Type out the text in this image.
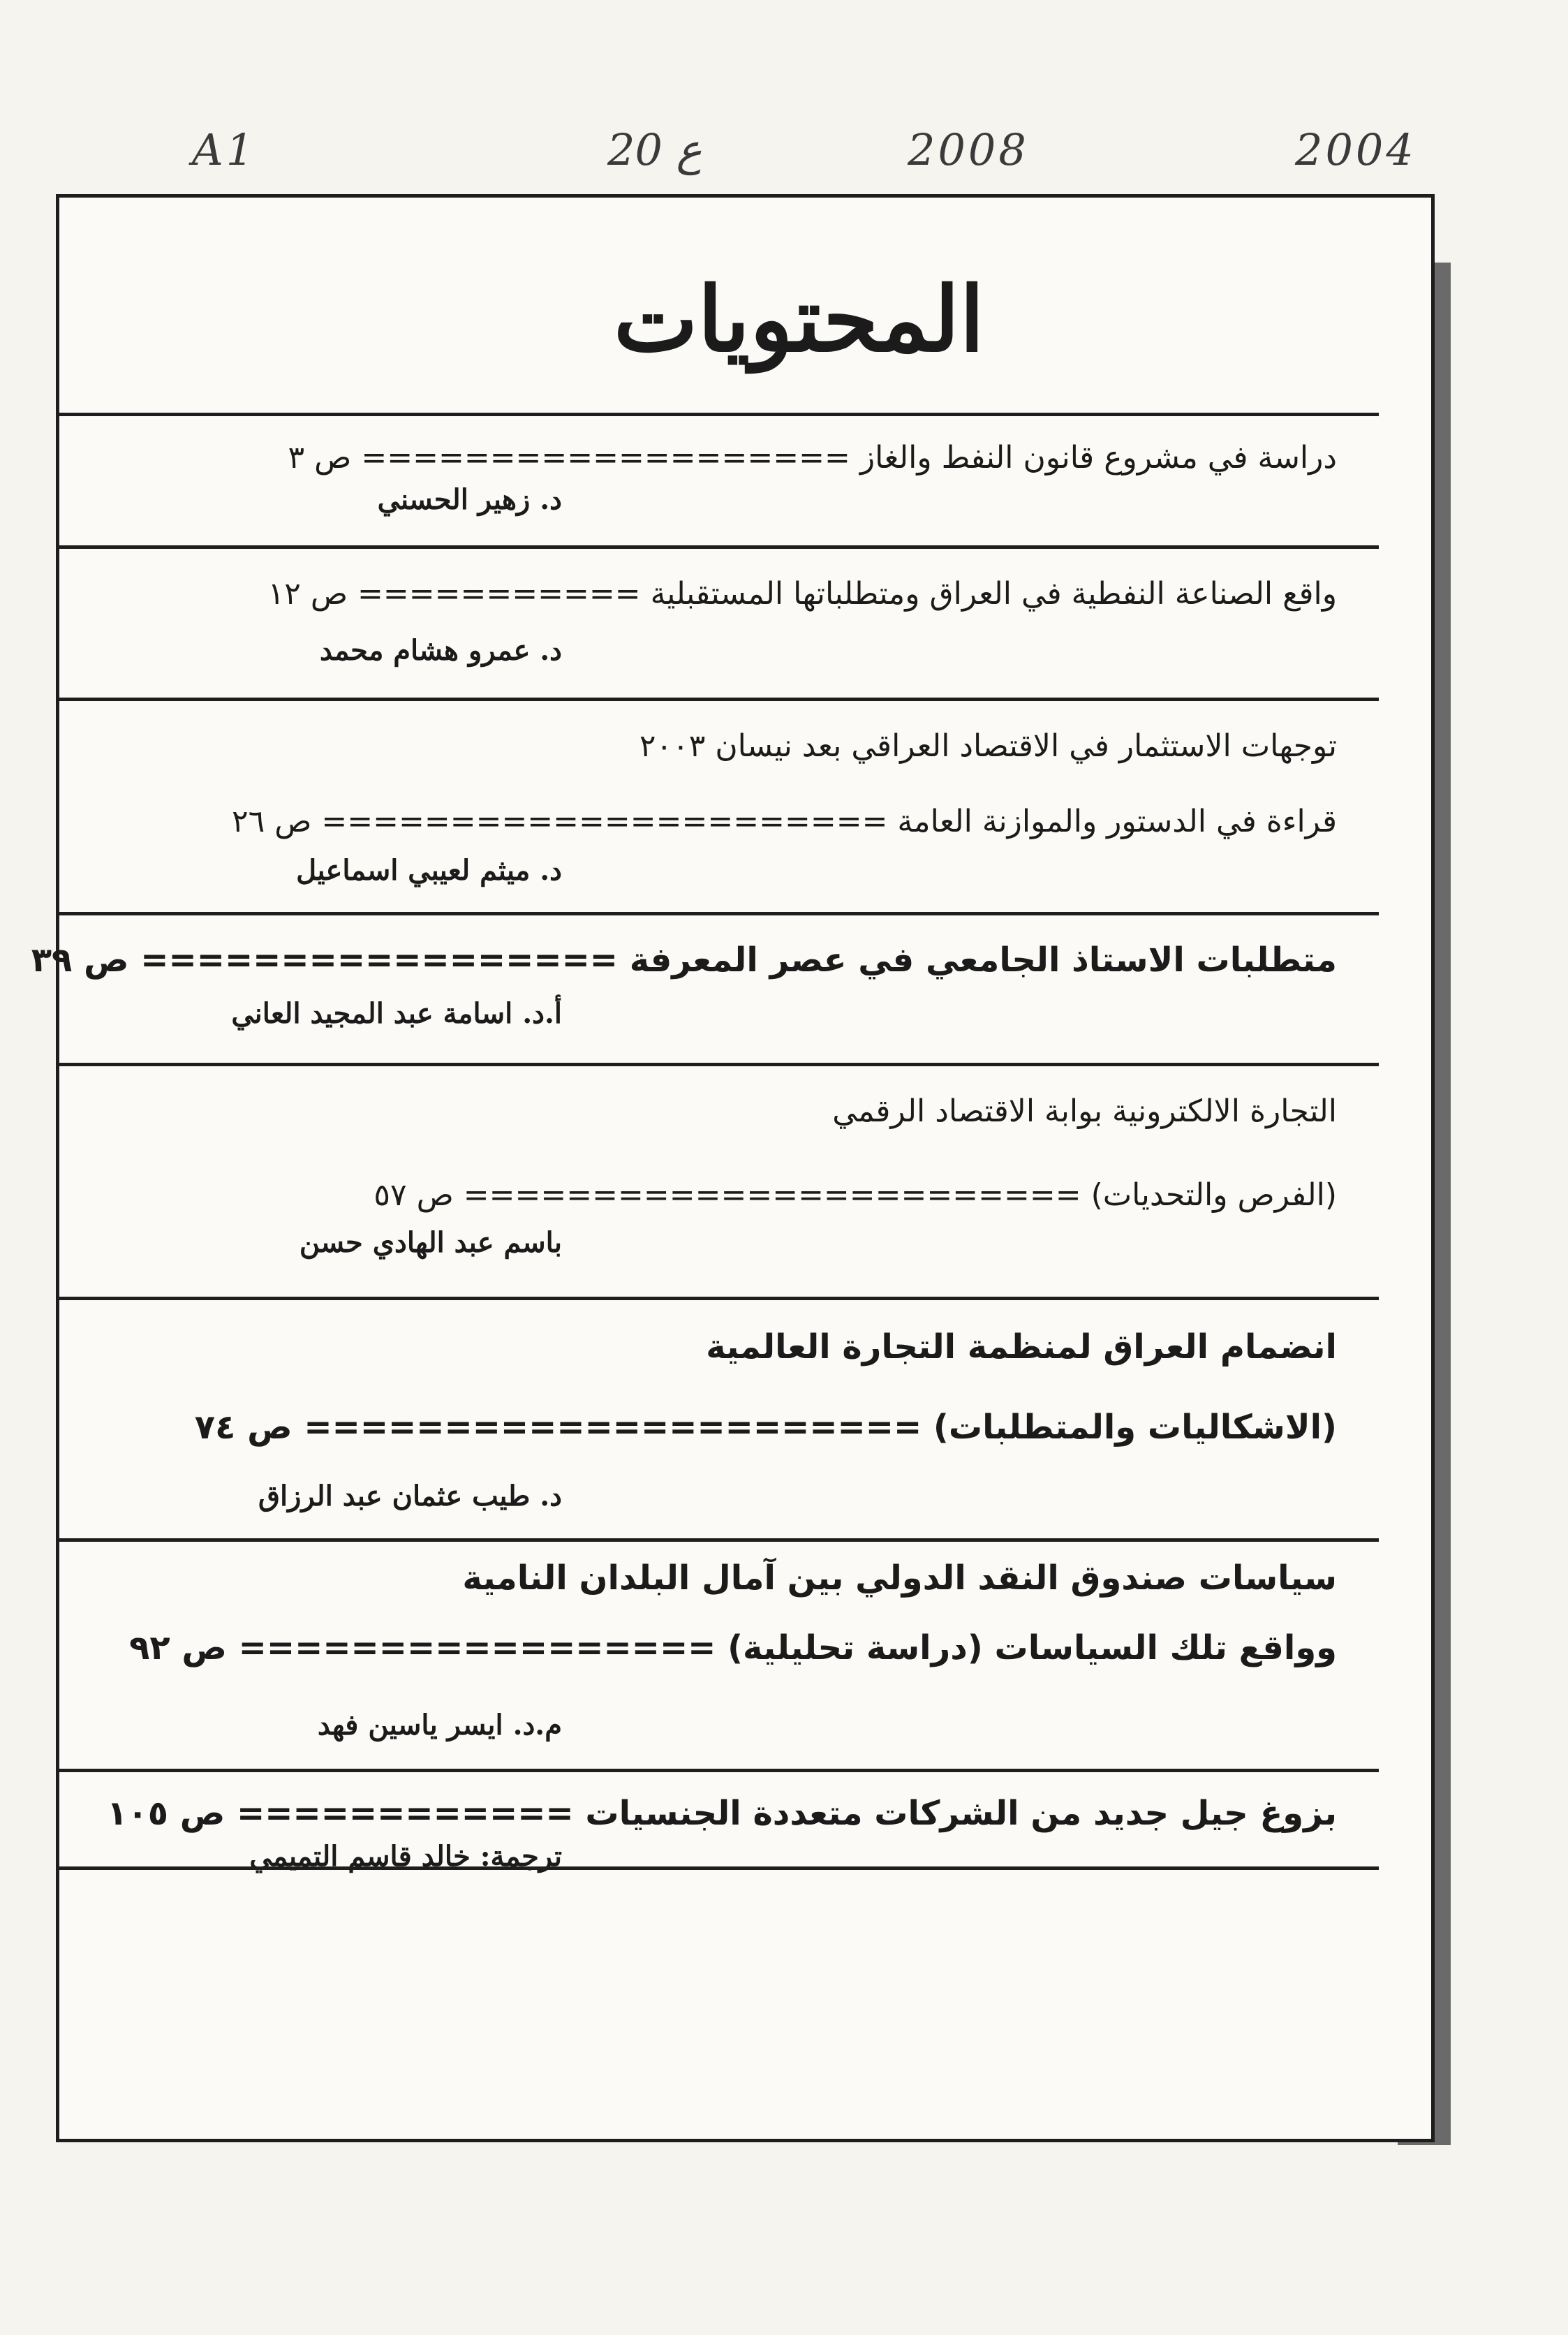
A1	20 ع	2008	2004
المحتويات
دراسة في مشروع قانون النفط والغاز =================== ص ٣
د. زهير الحسني
واقع الصناعة النفطية في العراق ومتطلباتها المستقبلية =========== ص ١٢
د. عمرو هشام محمد
توجهات الاستثمار في الاقتصاد العراقي بعد نيسان ٢٠٠٣
قراءة في الدستور والموازنة العامة ====================== ص ٢٦
د. ميثم لعيبي اسماعيل
متطلبات الاستاذ الجامعي في عصر المعرفة ================= ص ٣٩
أ.د. اسامة عبد المجيد العاني
التجارة الالكترونية بوابة الاقتصاد الرقمي
(الفرص والتحديات) ======================== ص ٥٧
باسم عبد الهادي حسن
انضمام العراق لمنظمة التجارة العالمية
(الاشكاليات والمتطلبات) ====================== ص ٧٤
د. طيب عثمان عبد الرزاق
سياسات صندوق النقد الدولي بين آمال البلدان النامية
وواقع تلك السياسات (دراسة تحليلية) ================= ص ٩٢
م.د. ايسر ياسين فهد
بزوغ جيل جديد من الشركات متعددة الجنسيات ============ ص ١٠٥
ترجمة: خالد قاسم التميمي
